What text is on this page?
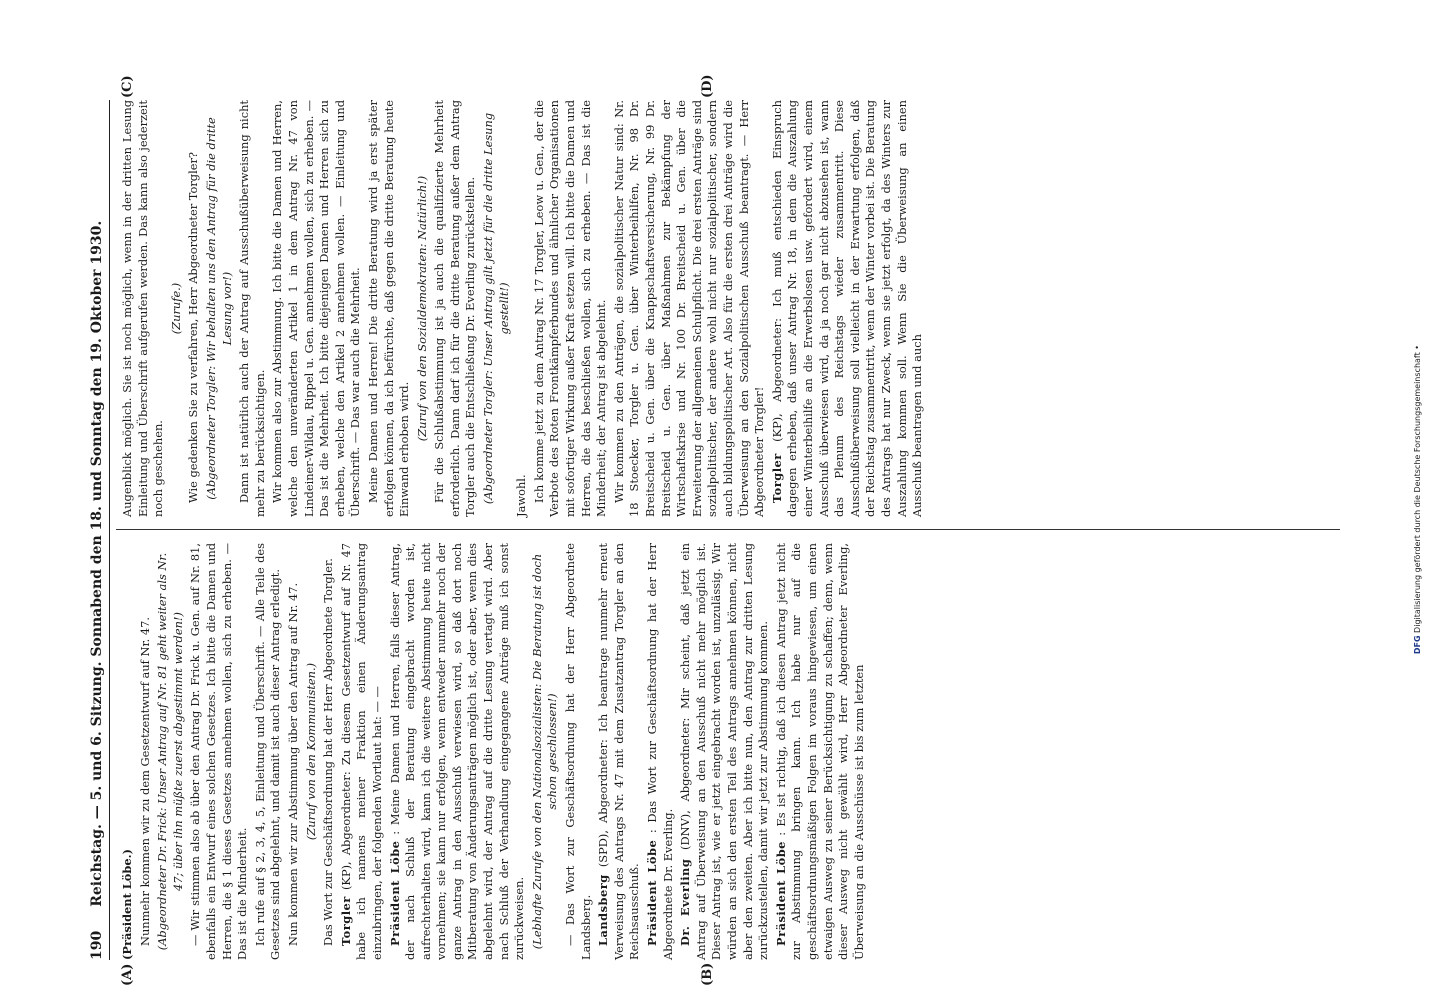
190
Reichstag. — 5. und 6. Sitzung. Sonnabend den 18. und Sonntag den 19. Oktober 1930. (Präsident Löbe.) Nunmehr kommen wir zu dem Gesetzentwurf auf Nr. 47. (Abgeordneter Dr. Frick: Unser Antrag auf Nr. 81 geht weiter als Nr. 47; über ihn müßte zuerst abgestimmt werden!) — Wir stimmen also ab über den Antrag Dr. Frick u. Gen. auf Nr. 81, ebenfalls ein Entwurf eines solchen Gesetzes. Ich bitte die Damen und Herren, die § 1 dieses Gesetzes annehmen wollen, sich zu erheben. — Das ist die Minderheit. Ich rufe auf § 2, 3, 4, 5, Einleitung und Überschrift. — Alle Teile des Gesetzes sind abgelehnt, und damit ist auch dieser Antrag erledigt. Nun kommen wir zur Abstimmung über den Antrag auf Nr. 47. (Zuruf von den Kommunisten.) Das Wort zur Geschäftsordnung hat der Herr Abgeordnete Torgler. Torgler (KP), Abgeordneter: Zu diesem Gesetzentwurf auf Nr. 47 habe ich namens meiner Fraktion einen Änderungsantrag einzubringen, der folgenden Wortlaut hat: — — Präsident Löbe : Meine Damen und Herren, falls dieser Antrag, der nach Schluß der Beratung eingebracht worden ist, aufrechterhalten wird, kann ich die weitere Abstimmung heute nicht vornehmen; sie kann nur erfolgen, wenn entweder nunmehr noch der ganze Antrag in den Ausschuß verwiesen wird, so daß dort noch Mitberatung von Änderungsanträgen möglich ist, oder aber, wenn dies abgelehnt wird, der Antrag auf die dritte Lesung vertagt wird. Aber nach Schluß der Verhandlung eingegangene Anträge muß ich sonst zurückweisen. (Lebhafte Zurufe von den Nationalsozialisten: Die Beratung ist doch schon geschlossen!) — Das Wort zur Geschäftsordnung hat der Herr Abgeordnete Landsberg. Landsberg (SPD), Abgeordneter: Ich beantrage nunmehr erneut Verweisung des Antrags Nr. 47 mit dem Zusatzantrag Torgler an den Reichsausschuß. Präsident Löbe : Das Wort zur Geschäftsordnung hat der Herr Abgeordnete Dr. Everling. Dr. Everling (DNV), Abgeordneter: Mir scheint, daß jetzt ein Antrag auf Überweisung an den Ausschuß nicht mehr möglich ist. Dieser Antrag ist, wie er jetzt eingebracht worden ist, unzulässig. Wir würden an sich den ersten Teil des Antrags annehmen können, nicht aber den zweiten. Aber ich bitte nun, den Antrag zur dritten Lesung zurückzustellen, damit wir jetzt zur Abstimmung kommen. Präsident Löbe : Es ist richtig, daß ich diesen Antrag jetzt nicht zur Abstimmung bringen kann. Ich habe nur auf die geschäftsordnungsmäßigen Folgen im voraus hingewiesen, um einen etwaigen Ausweg zu seiner Berücksichtigung zu schaffen; denn, wenn dieser Ausweg nicht gewählt wird, Herr Abgeordneter Everling, Überweisung an die Ausschüsse ist bis zum letzten

Augenblick möglich. Sie ist noch möglich, wenn in der dritten Lesung Einleitung und Überschrift aufgerufen werden. Das kann also jederzeit noch geschehen.

(Zurufe.) Wie gedenken Sie zu verfahren, Herr Abgeordneter Torgler? (Abgeordneter Torgler: Wir behalten uns den Antrag für die dritte Lesung vor!) Dann ist natürlich auch der Antrag auf Ausschußüberweisung nicht mehr zu berücksichtigen. Wir kommen also zur Abstimmung. Ich bitte die Damen und Herren, welche den unveränderten Artikel 1 in dem Antrag Nr. 47 von Lindeiner-Wildau, Rippel u. Gen. annehmen wollen, sich zu erheben. — Das ist die Mehrheit. Ich bitte diejenigen Damen und Herren sich zu erheben, welche den Artikel 2 annehmen wollen. — Einleitung und Überschrift. — Das war auch die Mehrheit. Meine Damen und Herren! Die dritte Beratung wird ja erst später erfolgen können, da ich befürchte, daß gegen die dritte Beratung heute Einwand erhoben wird.

(Zuruf von den Sozialdemokraten: Natürlich!) Für die Schlußabstimmung ist ja auch die qualifizierte Mehrheit erforderlich. Dann darf ich für die dritte Beratung außer dem Antrag Torgler auch die Entschließung Dr. Everling zurückstellen. (Abgeordneter Torgler: Unser Antrag gilt jetzt für die dritte Lesung gestellt!)

Jawohl. Ich komme jetzt zu dem Antrag Nr. 17 Torgler, Leow u. Gen., der die Verbote des Roten Frontkämpferbundes und ähnlicher Organisationen mit sofortiger Wirkung außer Kraft setzen will. Ich bitte die Damen und Herren, die das beschließen wollen, sich zu erheben. — Das ist die Minderheit; der Antrag ist abgelehnt. Wir kommen zu den Anträgen, die sozialpolitischer Natur sind: Nr. 18 Stoecker, Torgler u. Gen. über Winterbeihilfen, Nr. 98 Dr. Breitscheid u. Gen. über die Knappschaftsversicherung, Nr. 99 Dr. Breitscheid u. Gen. über Maßnahmen zur Bekämpfung der Wirtschaftskrise und Nr. 100 Dr. Breitscheid u. Gen. über die Erweiterung der allgemeinen Schulpflicht. Die drei ersten Anträge sind sozialpolitischer, der andere wohl nicht nur sozialpolitischer, sondern auch bildungspolitischer Art. Also für die ersten drei Anträge wird die Überweisung an den Sozialpolitischen Ausschuß beantragt. — Herr Abgeordneter Torgler! Torgler (KP), Abgeordneter: Ich muß entschieden Einspruch dagegen erheben, daß unser Antrag Nr. 18, in dem die Auszahlung einer Winterbeihilfe an die Erwerbslosen usw. gefordert wird, einem Ausschuß überwiesen wird, da ja noch gar nicht abzusehen ist, wann das Plenum des Reichstags wieder zusammentritt. Diese Ausschußüberweisung soll vielleicht in der Erwartung erfolgen, daß der Reichstag zusammentritt, wenn der Winter vorbei ist. Die Beratung des Antrags hat nur Zweck, wenn sie jetzt erfolgt, da des Winters zur Auszahlung kommen soll. Wenn Sie die Überweisung an einen Ausschuß beantragen und auch

(A)	(B)
(C)	(D)
DFG Digitalisierung gefördert durch die Deutsche Forschungsgemeinschaft •
